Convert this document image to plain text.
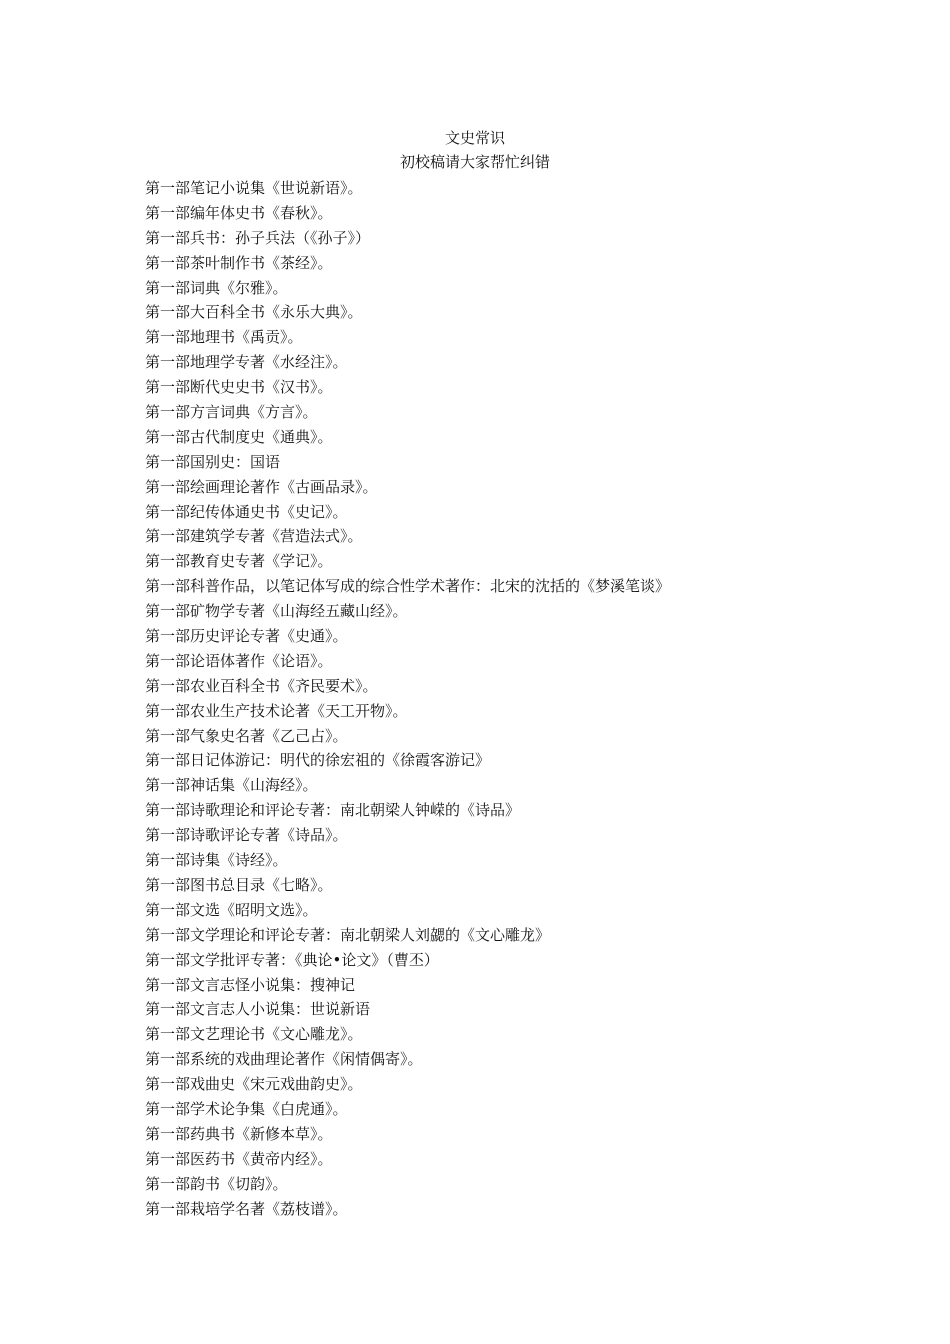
文史常识
初校稿请大家帮忙纠错
第一部笔记小说集《世说新语》。
第一部编年体史书《春秋》。
第一部兵书：孙子兵法（《孙子》）
第一部茶叶制作书《茶经》。
第一部词典《尔雅》。
第一部大百科全书《永乐大典》。
第一部地理书《禹贡》。
第一部地理学专著《水经注》。
第一部断代史史书《汉书》。
第一部方言词典《方言》。
第一部古代制度史《通典》。
第一部国别史：国语
第一部绘画理论著作《古画品录》。
第一部纪传体通史书《史记》。
第一部建筑学专著《营造法式》。
第一部教育史专著《学记》。
第一部科普作品，以笔记体写成的综合性学术著作：北宋的沈括的《梦溪笔谈》
第一部矿物学专著《山海经五藏山经》。
第一部历史评论专著《史通》。
第一部论语体著作《论语》。
第一部农业百科全书《齐民要术》。
第一部农业生产技术论著《天工开物》。
第一部气象史名著《乙己占》。
第一部日记体游记：明代的徐宏祖的《徐霞客游记》
第一部神话集《山海经》。
第一部诗歌理论和评论专著：南北朝梁人钟嵘的《诗品》
第一部诗歌评论专著《诗品》。
第一部诗集《诗经》。
第一部图书总目录《七略》。
第一部文选《昭明文选》。
第一部文学理论和评论专著：南北朝梁人刘勰的《文心雕龙》
第一部文学批评专著：《典论•论文》（曹丕）
第一部文言志怪小说集：搜神记
第一部文言志人小说集：世说新语
第一部文艺理论书《文心雕龙》。
第一部系统的戏曲理论著作《闲情偶寄》。
第一部戏曲史《宋元戏曲韵史》。
第一部学术论争集《白虎通》。
第一部药典书《新修本草》。
第一部医药书《黄帝内经》。
第一部韵书《切韵》。
第一部栽培学名著《荔枝谱》。
